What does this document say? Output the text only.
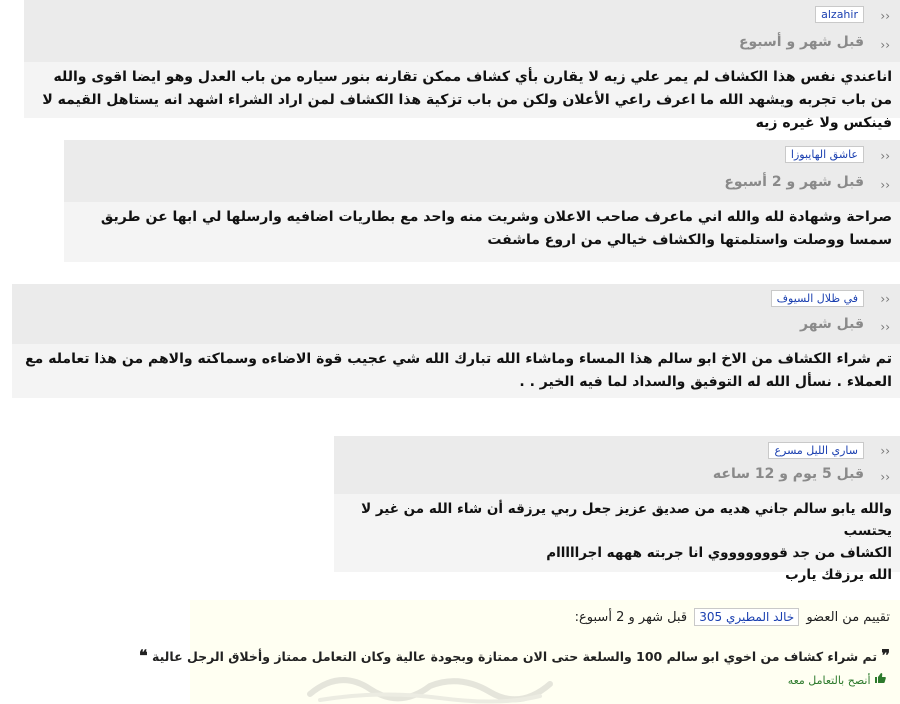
‹‹
alzahir
‹‹
قبل شهر و أسبوع
اناعندي نفس هذا الكشاف لم يمر علي زيه لا يقارن بأي كشاف ممكن تقارنه بنور سياره من باب العدل وهو ايضا اقوى والله من باب تجربه ويشهد الله ما اعرف راعي الأعلان ولكن من باب تزكية هذا الكشاف لمن اراد الشراء اشهد انه يستاهل القيمه لا فينكس ولا غيره زيه
‹‹
عاشق الهايبوزا
‹‹
قبل شهر و 2 أسبوع
صراحة وشهادة لله والله اني ماعرف صاحب الاعلان وشريت منه واحد مع بطاريات اضافيه وارسلها لي ابها عن طريق سمسا ووصلت واستلمتها والكشاف خيالي من اروع ماشفت
‹‹
في ظلال السيوف
‹‹
قبل شهر
تم شراء الكشاف من الاخ ابو سالم هذا المساء وماشاء الله تبارك الله شي عجيب قوة الاضاءه وسماكته والاهم من هذا تعامله مع العملاء . نسأل الله له التوفيق والسداد لما فيه الخير . .
‹‹
ساري الليل مسرع
‹‹
قبل 5 يوم و 12 ساعه
والله يابو سالم جاني هديه من صديق عزيز جعل ربي يرزقه أن شاء الله من غير لا يحتسب
الكشاف من جد قوووووووي انا جربته هههه اجرااااام
الله يرزقك يارب
تقييم من العضو خالد المطيري 305 قبل شهر و 2 أسبوع:
❞ تم شراء كشاف من اخوي ابو سالم 100 والسلعة حتى الان ممتازة وبجودة عالية وكان التعامل ممتاز وأخلاق الرجل عالية ❝
أنصح بالتعامل معه
